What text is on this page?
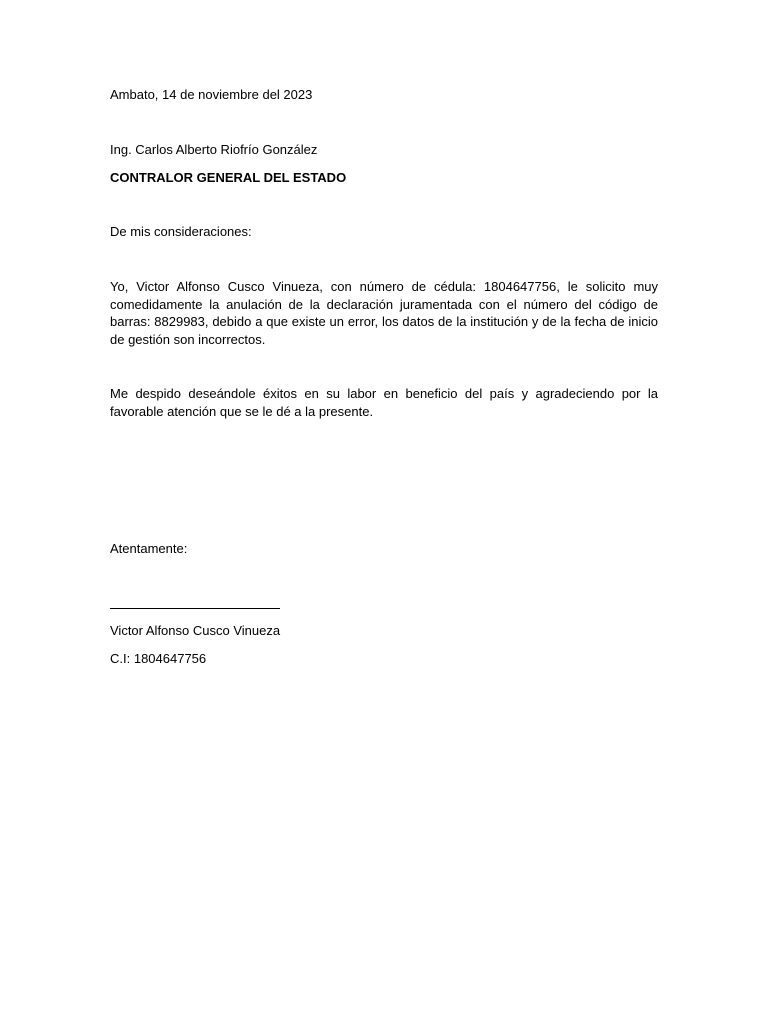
Ambato, 14 de noviembre del 2023
Ing. Carlos Alberto Riofrío González
CONTRALOR GENERAL DEL ESTADO
De mis consideraciones:
Yo, Victor Alfonso Cusco Vinueza, con número de cédula: 1804647756, le solicito muy comedidamente la anulación de la declaración juramentada con el número del código de barras: 8829983, debido a que existe un error, los datos de la institución y de la fecha de inicio de gestión son incorrectos.
Me despido deseándole éxitos en su labor en beneficio del país y agradeciendo por la favorable atención que se le dé a la presente.
Atentamente:
Victor Alfonso Cusco Vinueza
C.I: 1804647756
